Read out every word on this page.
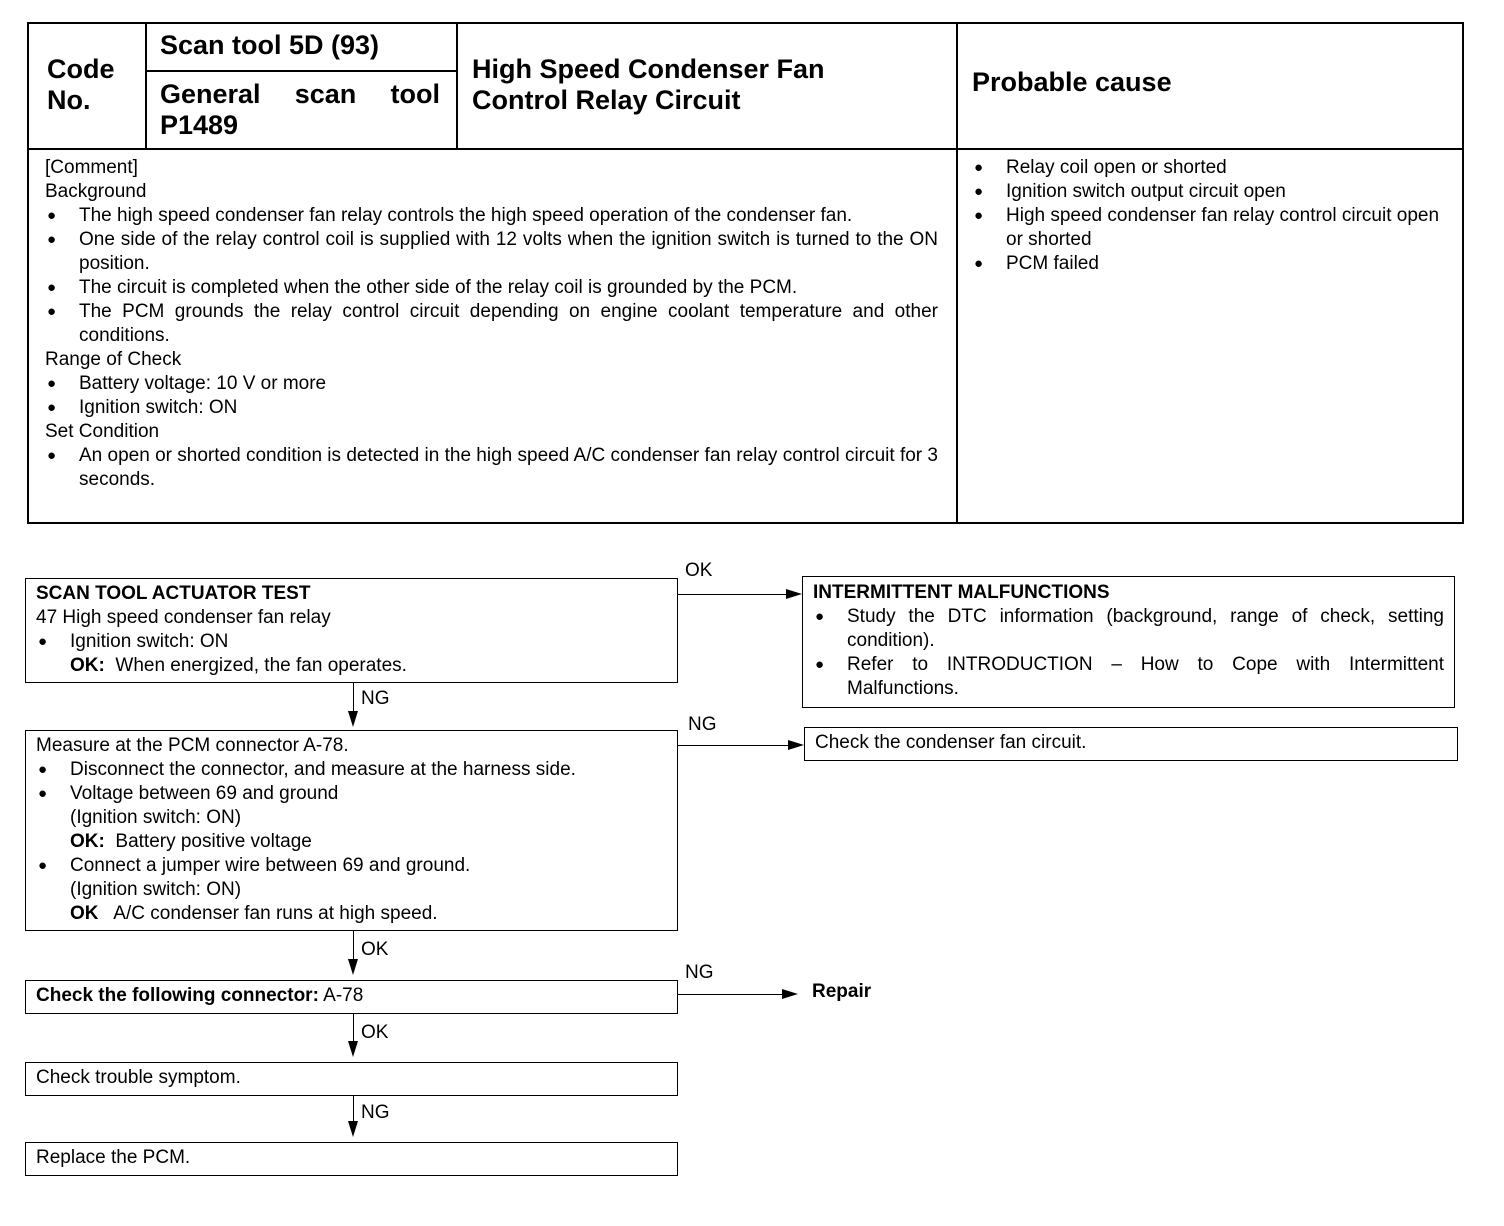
Code No.
Scan tool 5D (93)
General scan tool
P1489
High Speed Condenser Fan Control Relay Circuit
Probable cause
[Comment]
Background
● The high speed condenser fan relay controls the high speed operation of the condenser fan.
● One side of the relay control coil is supplied with 12 volts when the ignition switch is turned to the ON position.
● The circuit is completed when the other side of the relay coil is grounded by the PCM.
● The PCM grounds the relay control circuit depending on engine coolant temperature and other conditions.
Range of Check
● Battery voltage: 10 V or more
● Ignition switch: ON
Set Condition
● An open or shorted condition is detected in the high speed A/C condenser fan relay control circuit for 3 seconds.
● Relay coil open or shorted
● Ignition switch output circuit open
● High speed condenser fan relay control circuit open or shorted
● PCM failed
SCAN TOOL ACTUATOR TEST
47 High speed condenser fan relay
● Ignition switch: ON
OK: When energized, the fan operates.
OK
INTERMITTENT MALFUNCTIONS
● Study the DTC information (background, range of check, setting condition).
● Refer to INTRODUCTION – How to Cope with Intermittent Malfunctions.
NG
Measure at the PCM connector A-78.
● Disconnect the connector, and measure at the harness side.
● Voltage between 69 and ground
(Ignition switch: ON)
OK: Battery positive voltage
● Connect a jumper wire between 69 and ground.
(Ignition switch: ON)
OK A/C condenser fan runs at high speed.
NG
Check the condenser fan circuit.
OK
Check the following connector: A-78
NG
Repair
OK
Check trouble symptom.
NG
Replace the PCM.
